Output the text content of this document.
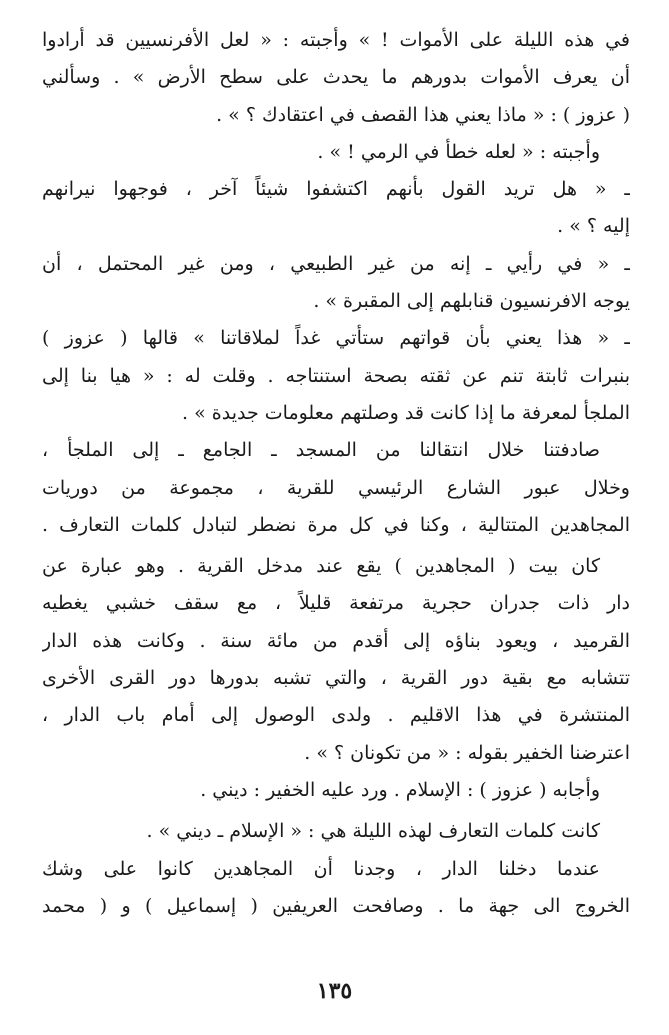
في هذه الليلة على الأموات ! » وأجبته : « لعل الأفرنسيين قد أرادوا
أن يعرف الأموات بدورهم ما يحدث على سطح الأرض » . وسألني
( عزوز ) : « ماذا يعني هذا القصف في اعتقادك ؟ » .
وأجبته : « لعله خطأ في الرمي ! » .
ـ « هل تريد القول بأنهم اكتشفوا شيئاً آخر ، فوجهوا نيرانهم
إليه ؟ » .
ـ « في رأيي ـ إنه من غير الطبيعي ، ومن غير المحتمل ، أن
يوجه الافرنسيون قنابلهم إلى المقبرة » .
ـ « هذا يعني بأن قواتهم ستأتي غداً لملاقاتنا » قالها ( عزوز )
بنبرات ثابتة تنم عن ثقته بصحة استنتاجه . وقلت له : « هيا بنا إلى
الملجأ لمعرفة ما إذا كانت قد وصلتهم معلومات جديدة » .
صادفتنا خلال انتقالنا من المسجد ـ الجامع ـ إلى الملجأ ،
وخلال عبور الشارع الرئيسي للقرية ، مجموعة من دوريات
المجاهدين المتتالية ، وكنا في كل مرة نضطر لتبادل كلمات التعارف .
كان بيت ( المجاهدين ) يقع عند مدخل القرية . وهو عبارة عن
دار ذات جدران حجرية مرتفعة قليلاً ، مع سقف خشبي يغطيه
القرميد ، ويعود بناؤه إلى أقدم من مائة سنة . وكانت هذه الدار
تتشابه مع بقية دور القرية ، والتي تشبه بدورها دور القرى الأخرى
المنتشرة في هذا الاقليم . ولدى الوصول إلى أمام باب الدار ،
اعترضنا الخفير بقوله : « من تكونان ؟ » .
وأجابه ( عزوز ) : الإسلام . ورد عليه الخفير : ديني .
كانت كلمات التعارف لهذه الليلة هي : « الإسلام ـ ديني » .
عندما دخلنا الدار ، وجدنا أن المجاهدين كانوا على وشك
الخروج الى جهة ما . وصافحت العريفين ( إسماعيل ) و ( محمد
١٣٥
